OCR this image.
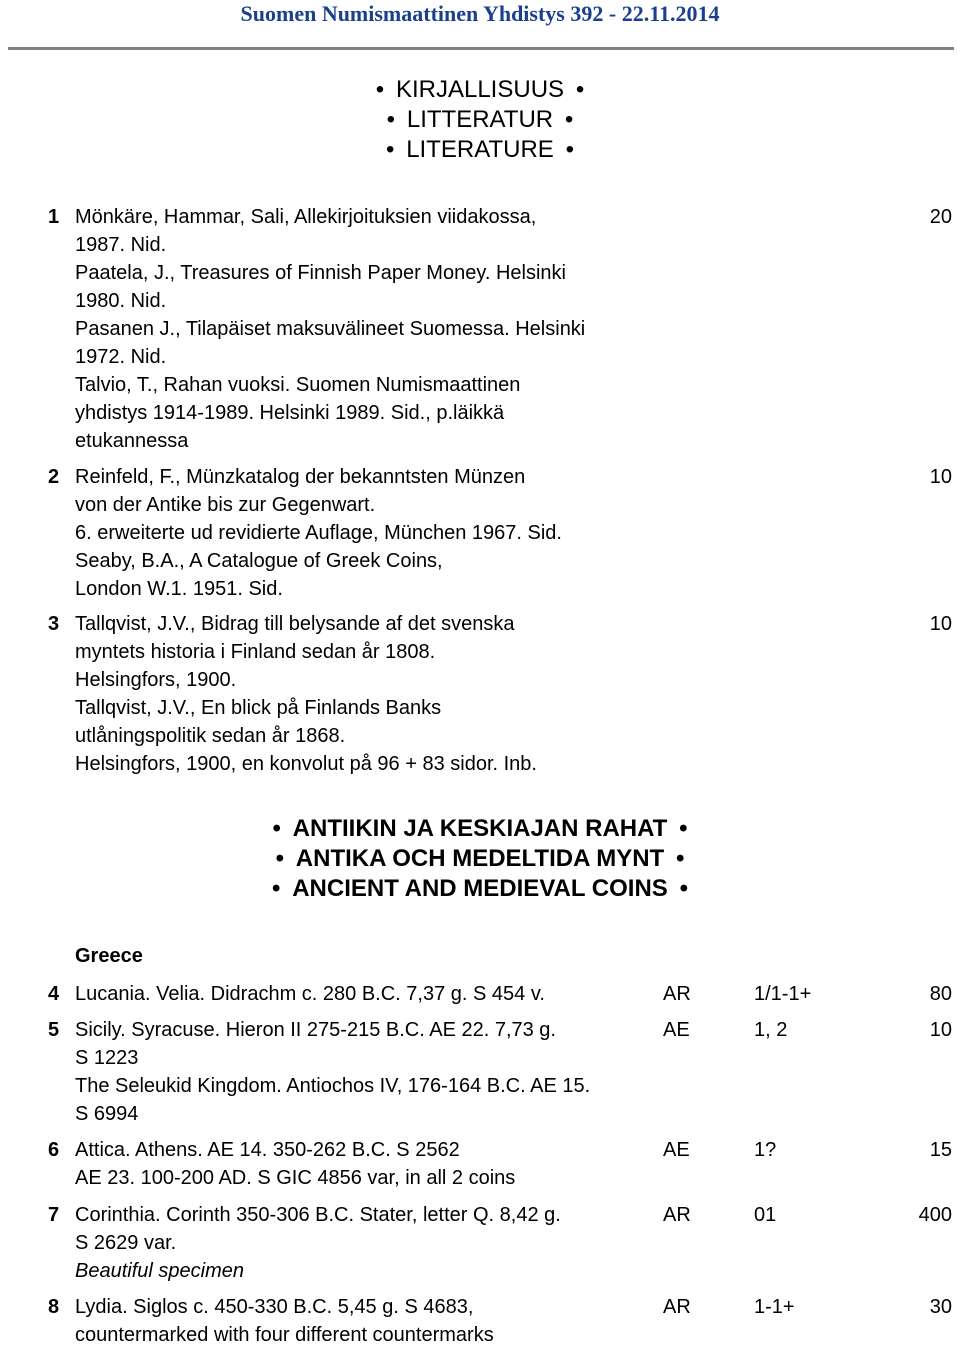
Suomen Numismaattinen Yhdistys 392 - 22.11.2014
• KIRJALLISUUS •
• LITTERATUR •
• LITERATURE •
1 Mönkäre, Hammar, Sali, Allekirjoituksien viidakossa,
1987. Nid.
Paatela, J., Treasures of Finnish Paper Money. Helsinki
1980. Nid.
Pasanen J., Tilapäiset maksuvälineet Suomessa. Helsinki
1972. Nid.
Talvio, T., Rahan vuoksi. Suomen Numismaattinen
yhdistys 1914-1989. Helsinki 1989. Sid., p.läikkä
etukannessa
20
2 Reinfeld, F., Münzkatalog der bekanntsten Münzen
von der Antike bis zur Gegenwart.
6. erweiterte ud revidierte Auflage, München 1967. Sid.
Seaby, B.A., A Catalogue of Greek Coins,
London W.1. 1951. Sid.
10
3 Tallqvist, J.V., Bidrag till belysande af det svenska
myntets historia i Finland sedan år 1808.
Helsingfors, 1900.
Tallqvist, J.V., En blick på Finlands Banks
utlåningspolitik sedan år 1868.
Helsingfors, 1900, en konvolut på 96 + 83 sidor. Inb.
10
• ANTIIKIN JA KESKIAJAN RAHAT •
• ANTIKA OCH MEDELTIDA MYNT •
• ANCIENT AND MEDIEVAL COINS •
Greece
4 Lucania. Velia. Didrachm c. 280 B.C. 7,37 g. S 454 v.	AR	1/1-1+	80
5 Sicily. Syracuse. Hieron II 275-215 B.C. AE 22. 7,73 g.
S 1223
The Seleukid Kingdom. Antiochos IV, 176-164 B.C. AE 15.
S 6994
AE	1, 2	10
6 Attica. Athens. AE 14. 350-262 B.C. S 2562
AE 23. 100-200 AD. S GIC 4856 var, in all 2 coins
AE	1?	15
7 Corinthia. Corinth 350-306 B.C. Stater, letter Q. 8,42 g.
S 2629 var.
Beautiful specimen
AR	01	400
8 Lydia. Siglos c. 450-330 B.C. 5,45 g. S 4683,
countermarked with four different countermarks
AR	1-1+	30
